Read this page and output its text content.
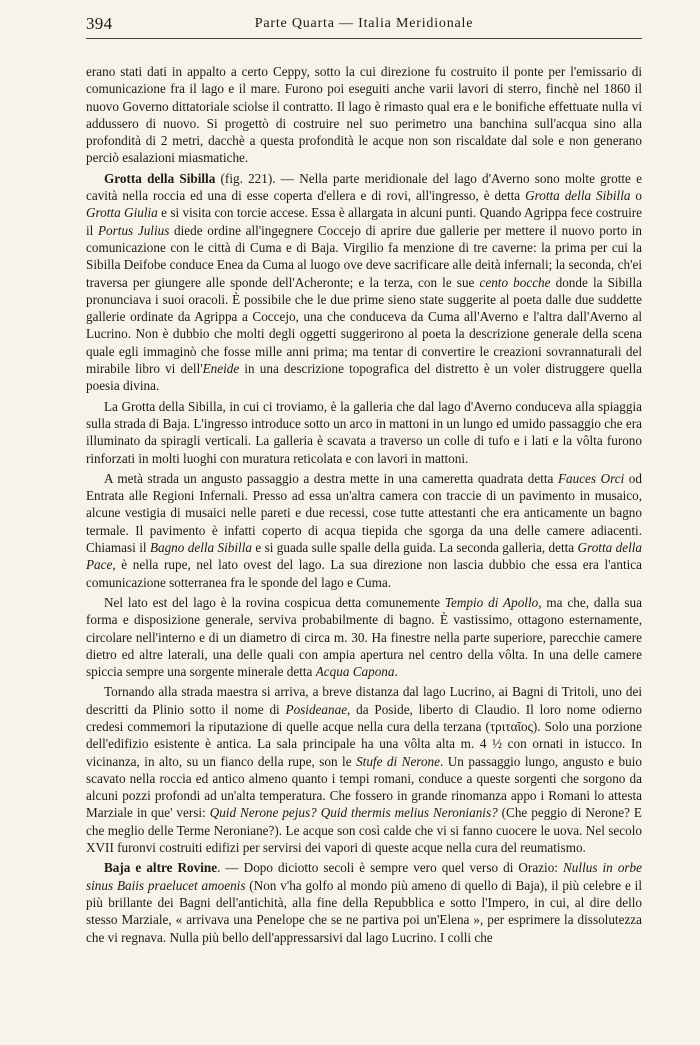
394	Parte Quarta — Italia Meridionale

erano stati dati in appalto a certo Ceppy, sotto la cui direzione fu costruito il ponte per l'emissario di comunicazione fra il lago e il mare. Furono poi eseguiti anche varii lavori di sterro, finchè nel 1860 il nuovo Governo dittatoriale sciolse il contratto. Il lago è rimasto qual era e le bonifiche effettuate nulla vi addussero di nuovo. Si progettò di costruire nel suo perimetro una banchina sull'acqua sino alla profondità di 2 metri, dacchè a questa profondità le acque non son riscaldate dal sole e non generano perciò esalazioni miasmatiche.

Grotta della Sibilla (fig. 221). — Nella parte meridionale del lago d'Averno sono molte grotte e cavità nella roccia ed una di esse coperta d'ellera e di rovi, all'ingresso, è detta Grotta della Sibilla o Grotta Giulia e si visita con torcie accese. Essa è allargata in alcuni punti. Quando Agrippa fece costruire il Portus Julius diede ordine all'ingegnere Coccejo di aprire due gallerie per mettere il nuovo porto in comunicazione con le città di Cuma e di Baja. Virgilio fa menzione di tre caverne: la prima per cui la Sibilla Deifobe conduce Enea da Cuma al luogo ove deve sacrificare alle deità infernali; la seconda, ch'ei traversa per giungere alle sponde dell'Acheronte; e la terza, con le sue cento bocche donde la Sibilla pronunciava i suoi oracoli. È possibile che le due prime sieno state suggerite al poeta dalle due suddette gallerie ordinate da Agrippa a Coccejo, una che conduceva da Cuma all'Averno e l'altra dall'Averno al Lucrino. Non è dubbio che molti degli oggetti suggerirono al poeta la descrizione generale della scena quale egli immaginò che fosse mille anni prima; ma tentar di convertire le creazioni sovrannaturali del mirabile libro vi dell'Eneide in una descrizione topografica del distretto è un voler distruggere quella poesia divina.

La Grotta della Sibilla, in cui ci troviamo, è la galleria che dal lago d'Averno conduceva alla spiaggia sulla strada di Baja. L'ingresso introduce sotto un arco in mattoni in un lungo ed umido passaggio che era illuminato da spiragli verticali. La galleria è scavata a traverso un colle di tufo e i lati e la vôlta furono rinforzati in molti luoghi con muratura reticolata e con lavori in mattoni.

A metà strada un angusto passaggio a destra mette in una cameretta quadrata detta Fauces Orci od Entrata alle Regioni Infernali. Presso ad essa un'altra camera con traccie di un pavimento in musaico, alcune vestigia di musaici nelle pareti e due recessi, cose tutte attestanti che era anticamente un bagno termale. Il pavimento è infatti coperto di acqua tiepida che sgorga da una delle camere adiacenti. Chiamasi il Bagno della Sibilla e si guada sulle spalle della guida. La seconda galleria, detta Grotta della Pace, è nella rupe, nel lato ovest del lago. La sua direzione non lascia dubbio che essa era l'antica comunicazione sotterranea fra le sponde del lago e Cuma.

Nel lato est del lago è la rovina cospicua detta comunemente Tempio di Apollo, ma che, dalla sua forma e disposizione generale, serviva probabilmente di bagno. È vastissimo, ottagono esternamente, circolare nell'interno e di un diametro di circa m. 30. Ha finestre nella parte superiore, parecchie camere dietro ed altre laterali, una delle quali con ampia apertura nel centro della vôlta. In una delle camere spiccia sempre una sorgente minerale detta Acqua Capona.

Tornando alla strada maestra si arriva, a breve distanza dal lago Lucrino, ai Bagni di Tritoli, uno dei descritti da Plinio sotto il nome di Posideanae, da Poside, liberto di Claudio. Il loro nome odierno credesi commemori la riputazione di quelle acque nella cura della terzana (τριταῖος). Solo una porzione dell'edifizio esistente è antica. La sala principale ha una vôlta alta m. 4 ½ con ornati in istucco. In vicinanza, in alto, su un fianco della rupe, son le Stufe di Nerone. Un passaggio lungo, angusto e buio scavato nella roccia ed antico almeno quanto i tempi romani, conduce a queste sorgenti che sorgono da alcuni pozzi profondi ad un'alta temperatura. Che fossero in grande rinomanza appo i Romani lo attesta Marziale in que' versi: Quid Nerone pejus? Quid thermis melius Neronianis? (Che peggio di Nerone? E che meglio delle Terme Neroniane?). Le acque son così calde che vi si fanno cuocere le uova. Nel secolo XVII furonvi costruiti edifizi per servirsi dei vapori di queste acque nella cura del reumatismo.

Baja e altre Rovine. — Dopo diciotto secoli è sempre vero quel verso di Orazio: Nullus in orbe sinus Baiis praelucet amoenis (Non v'ha golfo al mondo più ameno di quello di Baja), il più celebre e il più brillante dei Bagni dell'antichità, alla fine della Repubblica e sotto l'Impero, in cui, al dire dello stesso Marziale, « arrivava una Penelope che se ne partiva poi un'Elena », per esprimere la dissolutezza che vi regnava. Nulla più bello dell'appressarsivi dal lago Lucrino. I colli che
